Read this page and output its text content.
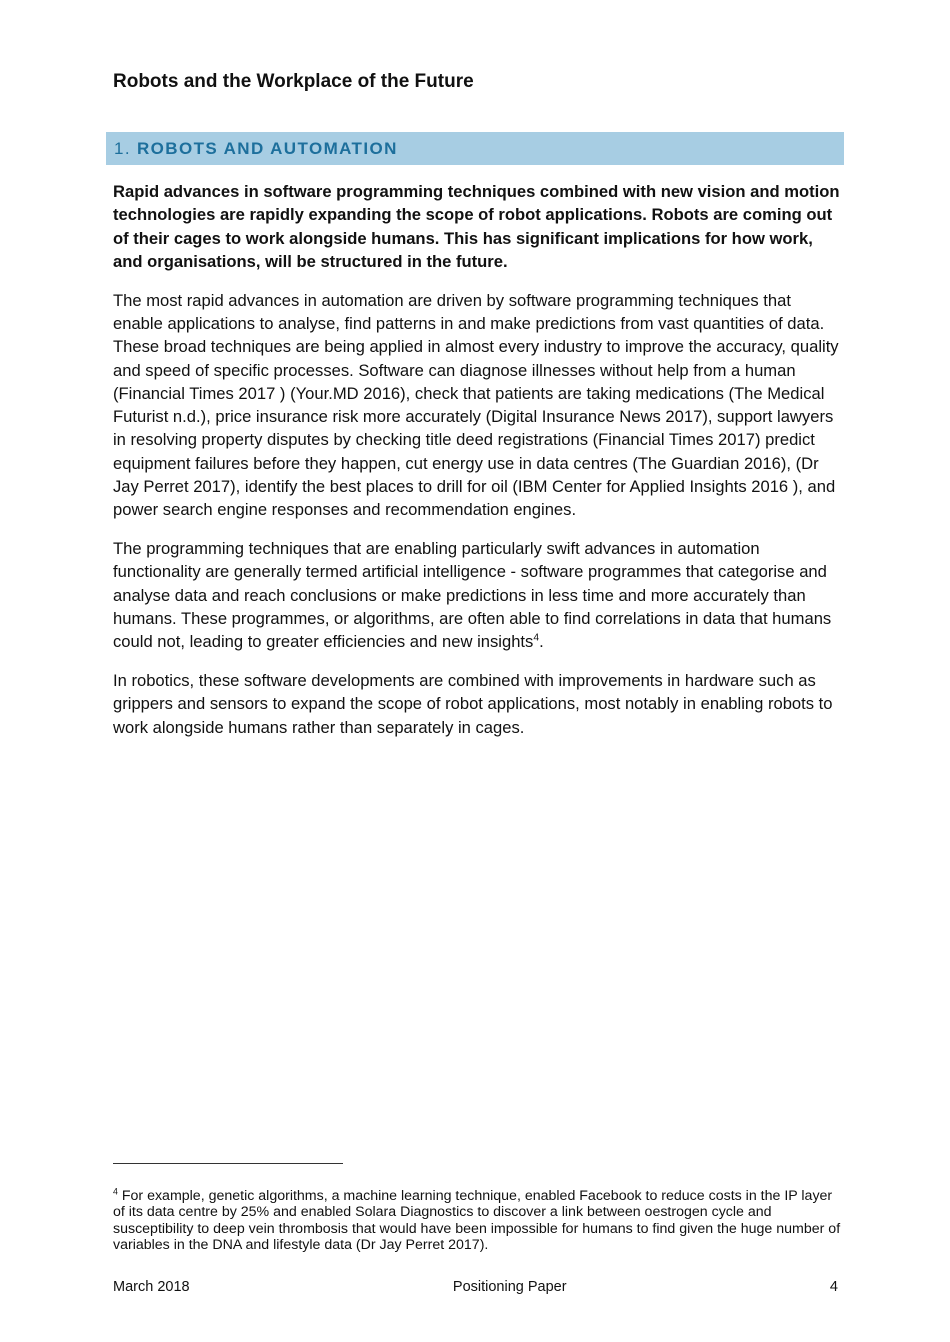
Robots and the Workplace of the Future
1. ROBOTS AND AUTOMATION

Rapid advances in software programming techniques combined with new vision and motion technologies are rapidly expanding the scope of robot applications. Robots are coming out of their cages to work alongside humans. This has significant implications for how work, and organisations, will be structured in the future.

The most rapid advances in automation are driven by software programming techniques that enable applications to analyse, find patterns in and make predictions from vast quantities of data. These broad techniques are being applied in almost every industry to improve the accuracy, quality and speed of specific processes. Software can diagnose illnesses without help from a human (Financial Times 2017 ) (Your.MD 2016), check that patients are taking medications (The Medical Futurist n.d.), price insurance risk more accurately (Digital Insurance News 2017), support lawyers in resolving property disputes by checking title deed registrations (Financial Times 2017) predict equipment failures before they happen, cut energy use in data centres (The Guardian 2016), (Dr Jay Perret 2017), identify the best places to drill for oil (IBM Center for Applied Insights 2016 ), and power search engine responses and recommendation engines.

The programming techniques that are enabling particularly swift advances in automation functionality are generally termed artificial intelligence - software programmes that categorise and analyse data and reach conclusions or make predictions in less time and more accurately than humans. These programmes, or algorithms, are often able to find correlations in data that humans could not, leading to greater efficiencies and new insights$^4$.

In robotics, these software developments are combined with improvements in hardware such as grippers and sensors to expand the scope of robot applications, most notably in enabling robots to work alongside humans rather than separately in cages.

$^4$ For example, genetic algorithms, a machine learning technique, enabled Facebook to reduce costs in the IP layer of its data centre by 25% and enabled Solara Diagnostics to discover a link between oestrogen cycle and susceptibility to deep vein thrombosis that would have been impossible for humans to find given the huge number of variables in the DNA and lifestyle data (Dr Jay Perret 2017).
March 2018	Positioning Paper	4
